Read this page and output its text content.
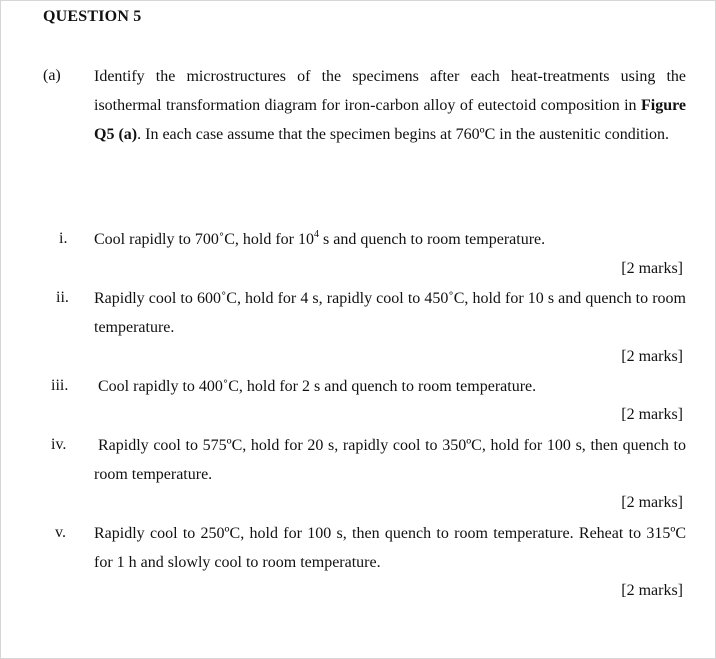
QUESTION 5
(a) Identify the microstructures of the specimens after each heat-treatments using the isothermal transformation diagram for iron-carbon alloy of eutectoid composition in Figure Q5 (a). In each case assume that the specimen begins at 760ºC in the austenitic condition.
i. Cool rapidly to 700˚C, hold for $10^4$ s and quench to room temperature.
[2 marks]
ii. Rapidly cool to 600˚C, hold for 4 s, rapidly cool to 450˚C, hold for 10 s and quench to room temperature.
[2 marks]
iii. Cool rapidly to 400˚C, hold for 2 s and quench to room temperature.
[2 marks]
iv. Rapidly cool to 575ºC, hold for 20 s, rapidly cool to 350ºC, hold for 100 s, then quench to room temperature.
[2 marks]
v. Rapidly cool to 250ºC, hold for 100 s, then quench to room temperature. Reheat to 315ºC for 1 h and slowly cool to room temperature.
[2 marks]
